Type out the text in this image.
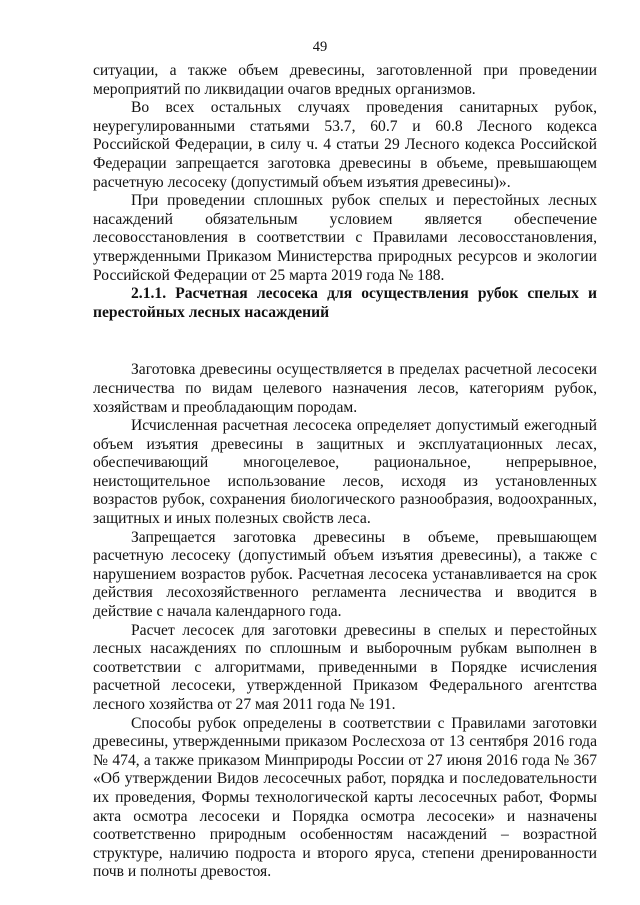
49

ситуации, а также объем древесины, заготовленной при проведении мероприятий по ликвидации очагов вредных организмов.

Во всех остальных случаях проведения санитарных рубок, неурегулированными статьями 53.7, 60.7 и 60.8 Лесного кодекса Российской Федерации, в силу ч. 4 статьи 29 Лесного кодекса Российской Федерации запрещается заготовка древесины в объеме, превышающем расчетную лесосеку (допустимый объем изъятия древесины)».

При проведении сплошных рубок спелых и перестойных лесных насаждений обязательным условием является обеспечение лесовосстановления в соответствии с Правилами лесовосстановления, утвержденными Приказом Министерства природных ресурсов и экологии Российской Федерации от 25 марта 2019 года № 188.

2.1.1. Расчетная лесосека для осуществления рубок спелых и перестойных лесных насаждений

Заготовка древесины осуществляется в пределах расчетной лесосеки лесничества по видам целевого назначения лесов, категориям рубок, хозяйствам и преобладающим породам.

Исчисленная расчетная лесосека определяет допустимый ежегодный объем изъятия древесины в защитных и эксплуатационных лесах, обеспечивающий многоцелевое, рациональное, непрерывное, неистощительное использование лесов, исходя из установленных возрастов рубок, сохранения биологического разнообразия, водоохранных, защитных и иных полезных свойств леса.

Запрещается заготовка древесины в объеме, превышающем расчетную лесосеку (допустимый объем изъятия древесины), а также с нарушением возрастов рубок. Расчетная лесосека устанавливается на срок действия лесохозяйственного регламента лесничества и вводится в действие с начала календарного года.

Расчет лесосек для заготовки древесины в спелых и перестойных лесных насаждениях по сплошным и выборочным рубкам выполнен в соответствии с алгоритмами, приведенными в Порядке исчисления расчетной лесосеки, утвержденной Приказом Федерального агентства лесного хозяйства от 27 мая 2011 года № 191.

Способы рубок определены в соответствии с Правилами заготовки древесины, утвержденными приказом Рослесхоза от 13 сентября 2016 года № 474, а также приказом Минприроды России от 27 июня 2016 года № 367 «Об утверждении Видов лесосечных работ, порядка и последовательности их проведения, Формы технологической карты лесосечных работ, Формы акта осмотра лесосеки и Порядка осмотра лесосеки» и назначены соответственно природным особенностям насаждений – возрастной структуре, наличию подроста и второго яруса, степени дренированности почв и полноты древостоя.
